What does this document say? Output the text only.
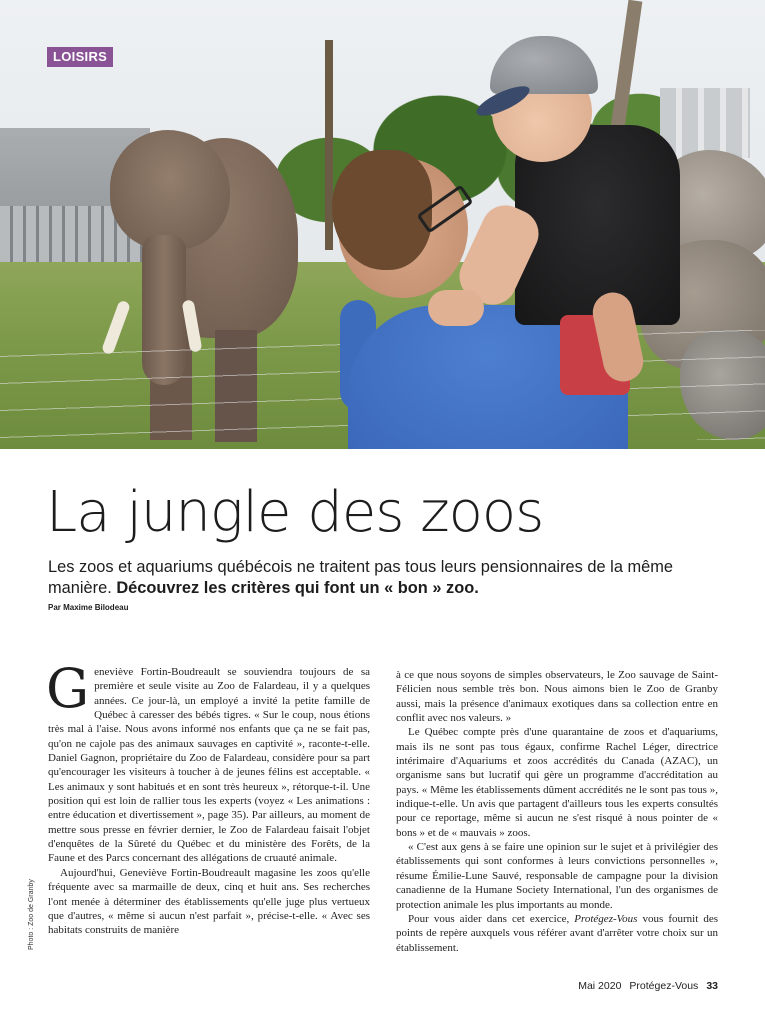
LOISIRS
La jungle des zoos

Les zoos et aquariums québécois ne traitent pas tous leurs pensionnaires de la même manière. Découvrez les critères qui font un « bon » zoo.

Par Maxime Bilodeau

Geneviève Fortin-Boudreault se souviendra toujours de sa première et seule visite au Zoo de Falardeau, il y a quelques années. Ce jour-là, un employé a invité la petite famille de Québec à caresser des bébés tigres. « Sur le coup, nous étions très mal à l'aise. Nous avons informé nos enfants que ça ne se fait pas, qu'on ne cajole pas des animaux sauvages en captivité », raconte-t-elle. Daniel Gagnon, propriétaire du Zoo de Falardeau, considère pour sa part qu'encourager les visiteurs à toucher à de jeunes félins est acceptable. « Les animaux y sont habitués et en sont très heureux », rétorque-t-il. Une position qui est loin de rallier tous les experts (voyez « Les animations : entre éducation et divertissement », page 35). Par ailleurs, au moment de mettre sous presse en février dernier, le Zoo de Falardeau faisait l'objet d'enquêtes de la Sûreté du Québec et du ministère des Forêts, de la Faune et des Parcs concernant des allégations de cruauté animale.

Aujourd'hui, Geneviève Fortin-Boudreault magasine les zoos qu'elle fréquente avec sa marmaille de deux, cinq et huit ans. Ses recherches l'ont menée à déterminer des établissements qu'elle juge plus vertueux que d'autres, « même si aucun n'est parfait », précise-t-elle. « Avec ses habitats construits de manière

à ce que nous soyons de simples observateurs, le Zoo sauvage de Saint-Félicien nous semble très bon. Nous aimons bien le Zoo de Granby aussi, mais la présence d'animaux exotiques dans sa collection entre en conflit avec nos valeurs. »

Le Québec compte près d'une quarantaine de zoos et d'aquariums, mais ils ne sont pas tous égaux, confirme Rachel Léger, directrice intérimaire d'Aquariums et zoos accrédités du Canada (AZAC), un organisme sans but lucratif qui gère un programme d'accréditation au pays. « Même les établissements dûment accrédités ne le sont pas tous », indique-t-elle. Un avis que partagent d'ailleurs tous les experts consultés pour ce reportage, même si aucun ne s'est risqué à nous pointer de « bons » et de « mauvais » zoos.

« C'est aux gens à se faire une opinion sur le sujet et à privilégier des établissements qui sont conformes à leurs convictions personnelles », résume Émilie-Lune Sauvé, responsable de campagne pour la division canadienne de la Humane Society International, l'un des organismes de protection animale les plus importants au monde.

Pour vous aider dans cet exercice, Protégez-Vous vous fournit des points de repère auxquels vous référer avant d'arrêter votre choix sur un établissement.

Photo : Zoo de Granby
Mai 2020 Protégez-Vous 33
